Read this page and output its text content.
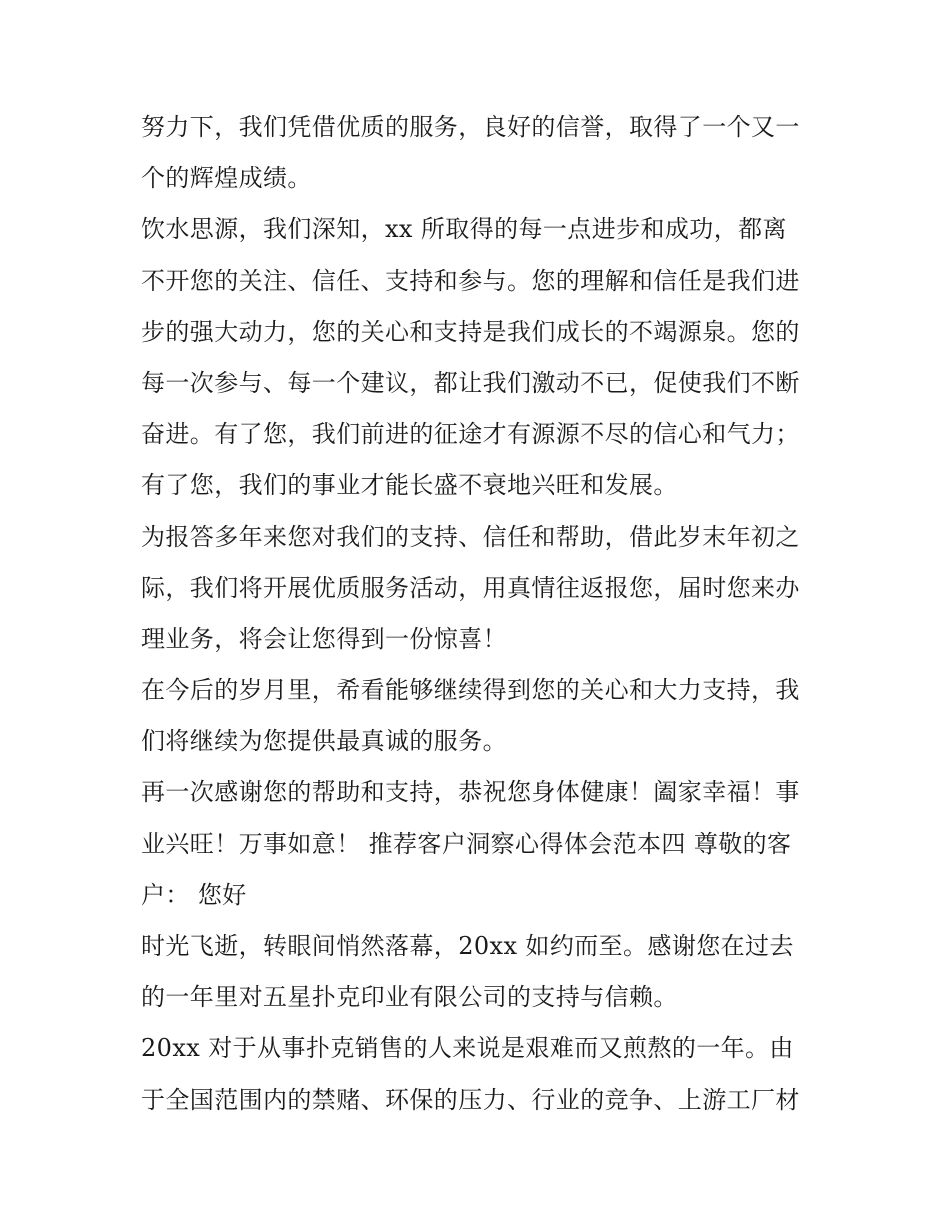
努力下，我们凭借优质的服务，良好的信誉，取得了一个又一
个的辉煌成绩。
饮水思源，我们深知，xx 所取得的每一点进步和成功，都离
不开您的关注、信任、支持和参与。您的理解和信任是我们进
步的强大动力，您的关心和支持是我们成长的不竭源泉。您的
每一次参与、每一个建议，都让我们激动不已，促使我们不断
奋进。有了您，我们前进的征途才有源源不尽的信心和气力；
有了您，我们的事业才能长盛不衰地兴旺和发展。
为报答多年来您对我们的支持、信任和帮助，借此岁末年初之
际，我们将开展优质服务活动，用真情往返报您，届时您来办
理业务，将会让您得到一份惊喜！
在今后的岁月里，希看能够继续得到您的关心和大力支持，我
们将继续为您提供最真诚的服务。
再一次感谢您的帮助和支持，恭祝您身体健康！阖家幸福！事
业兴旺！万事如意！ 推荐客户洞察心得体会范本四 尊敬的客
户： 您好
时光飞逝，转眼间悄然落幕，20xx 如约而至。感谢您在过去
的一年里对五星扑克印业有限公司的支持与信赖。
20xx 对于从事扑克销售的人来说是艰难而又煎熬的一年。由
于全国范围内的禁赌、环保的压力、行业的竞争、上游工厂材
